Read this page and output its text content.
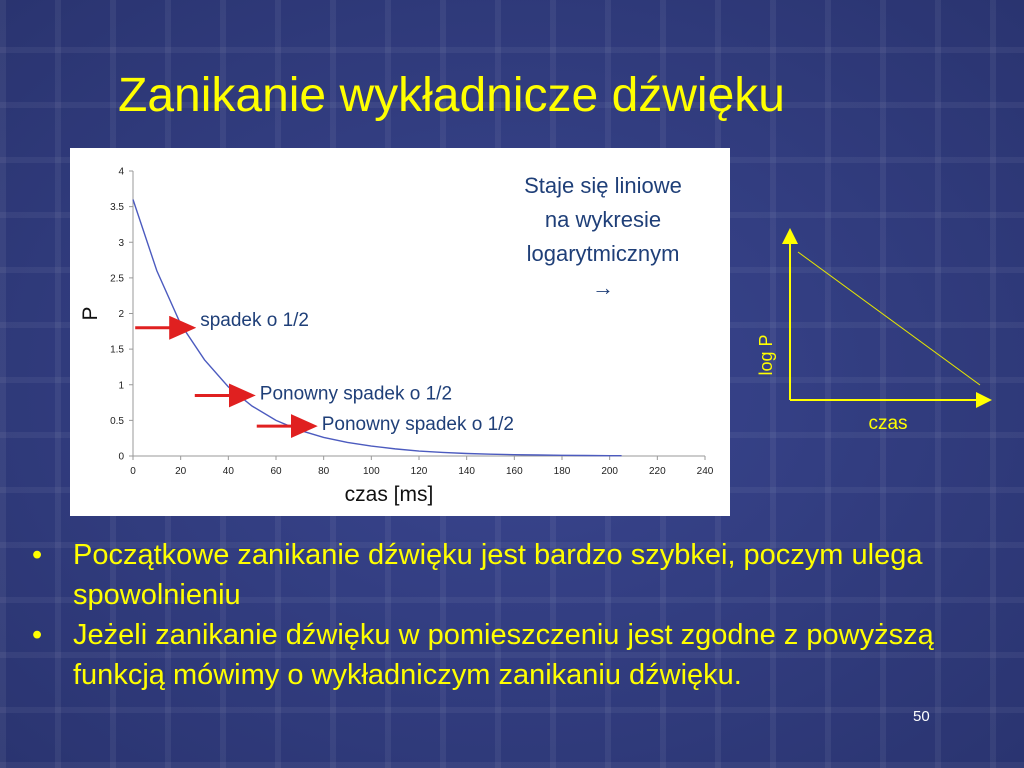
Zanikanie wykładnicze dźwięku
0	20	40	60	80	100	120	140	160	180	200	220	240
0
0.5
1
1.5
2
2.5
3
3.5
4
czas [ms]
P	spadek o 1/2
Ponowny spadek o 1/2
Ponowny spadek o 1/2
Staje się liniowe
na wykresie
logarytmicznym
→
log P
czas
• Początkowe zanikanie dźwięku jest bardzo szybkei, poczym ulega spowolnieniu
• Jeżeli zanikanie dźwięku w pomieszczeniu jest zgodne z powyższą funkcją mówimy o wykładniczym zanikaniu dźwięku.
50
